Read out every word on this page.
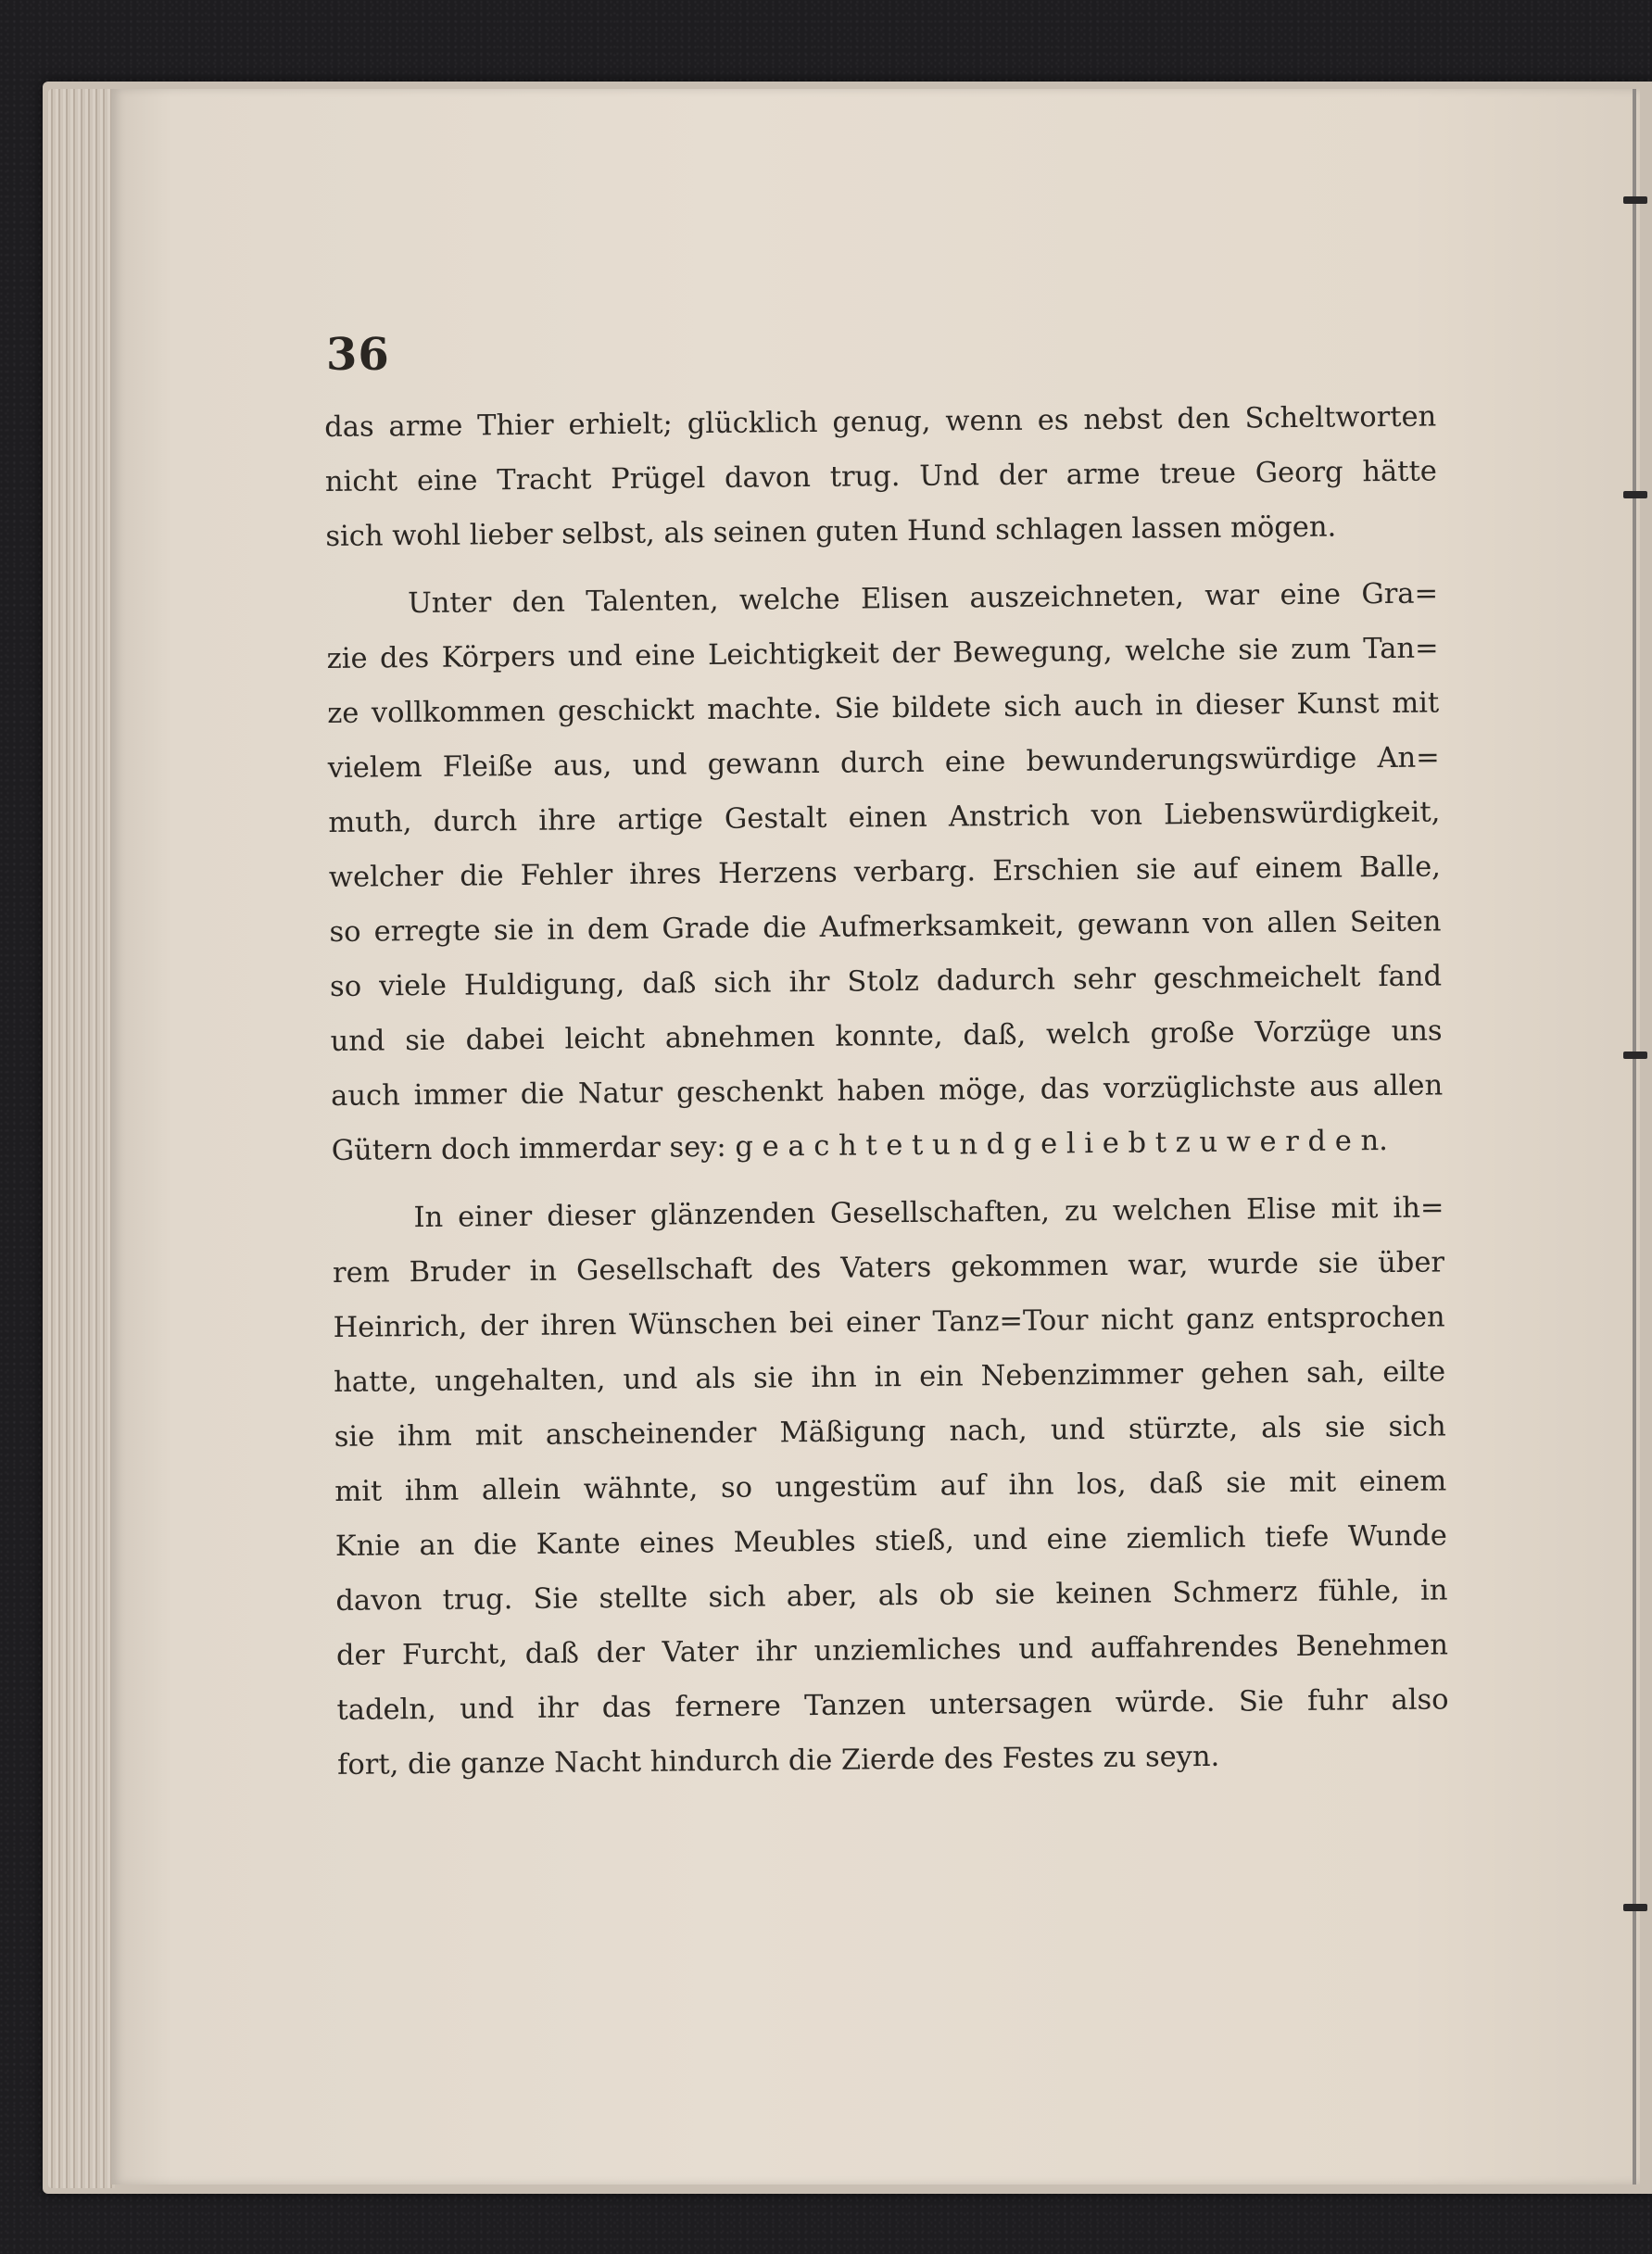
36

das arme Thier erhielt; glücklich genug, wenn es nebst den Scheltworten
nicht eine Tracht Prügel davon trug. Und der arme treue Georg hätte
sich wohl lieber selbst, als seinen guten Hund schlagen lassen mögen.

Unter den Talenten, welche Elisen auszeichneten, war eine Gra=
zie des Körpers und eine Leichtigkeit der Bewegung, welche sie zum Tan=
ze vollkommen geschickt machte. Sie bildete sich auch in dieser Kunst mit
vielem Fleiße aus, und gewann durch eine bewunderungswürdige An=
muth, durch ihre artige Gestalt einen Anstrich von Liebenswürdigkeit,
welcher die Fehler ihres Herzens verbarg. Erschien sie auf einem Balle,
so erregte sie in dem Grade die Aufmerksamkeit, gewann von allen Seiten
so viele Huldigung, daß sich ihr Stolz dadurch sehr geschmeichelt fand
und sie dabei leicht abnehmen konnte, daß, welch große Vorzüge uns
auch immer die Natur geschenkt haben möge, das vorzüglichste aus allen
Gütern doch immerdar sey: g e a c h t e t u n d g e l i e b t z u w e r d e n.

In einer dieser glänzenden Gesellschaften, zu welchen Elise mit ih=
rem Bruder in Gesellschaft des Vaters gekommen war, wurde sie über
Heinrich, der ihren Wünschen bei einer Tanz=Tour nicht ganz entsprochen
hatte, ungehalten, und als sie ihn in ein Nebenzimmer gehen sah, eilte
sie ihm mit anscheinender Mäßigung nach, und stürzte, als sie sich
mit ihm allein wähnte, so ungestüm auf ihn los, daß sie mit einem
Knie an die Kante eines Meubles stieß, und eine ziemlich tiefe Wunde
davon trug. Sie stellte sich aber, als ob sie keinen Schmerz fühle, in
der Furcht, daß der Vater ihr unziemliches und auffahrendes Benehmen
tadeln, und ihr das fernere Tanzen untersagen würde. Sie fuhr also
fort, die ganze Nacht hindurch die Zierde des Festes zu seyn.
